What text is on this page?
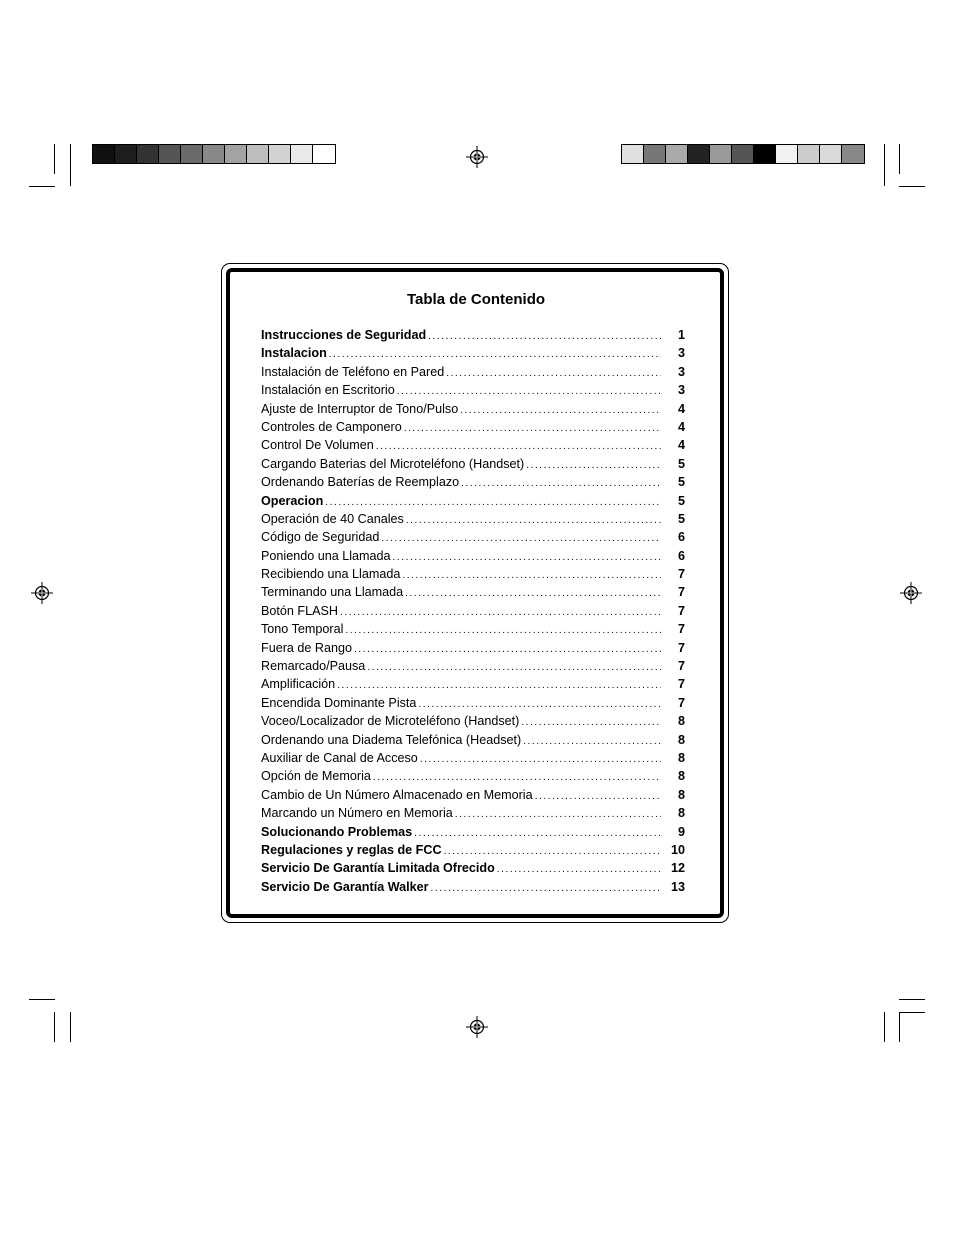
Tabla de Contenido
Instrucciones de Seguridad . . .	1
Instalacion . . .	3
Instalación de Teléfono en Pared . . .	3
Instalación en Escritorio . . .	3
Ajuste de Interruptor de Tono/Pulso . . .	4
Controles de Camponero . . .	4
Control De Volumen . . .	4
Cargando Baterias del Microteléfono (Handset) . . .	5
Ordenando Baterías de Reemplazo . . .	5
Operacion . . .	5
Operación de 40 Canales . . .	5
Código de Seguridad . . .	6
Poniendo una Llamada . . .	6
Recibiendo una Llamada . . .	7
Terminando una Llamada . . .	7
Botón FLASH . . .	7
Tono Temporal . . .	7
Fuera de Rango . . .	7
Remarcado/Pausa . . .	7
Amplificación . . .	7
Encendida Dominante Pista . . .	7
Voceo/Localizador de Microteléfono (Handset) . . .	8
Ordenando una Diadema Telefónica (Headset) . . .	8
Auxiliar de Canal de Acceso . . .	8
Opción de Memoria . . .	8
Cambio de Un Número Almacenado en Memoria . . .	8
Marcando un Número en Memoria . . .	8
Solucionando Problemas . . .	9
Regulaciones y reglas de FCC . . .	10
Servicio De Garantía Limitada Ofrecido . . .	12
Servicio De Garantía Walker . . .	13
